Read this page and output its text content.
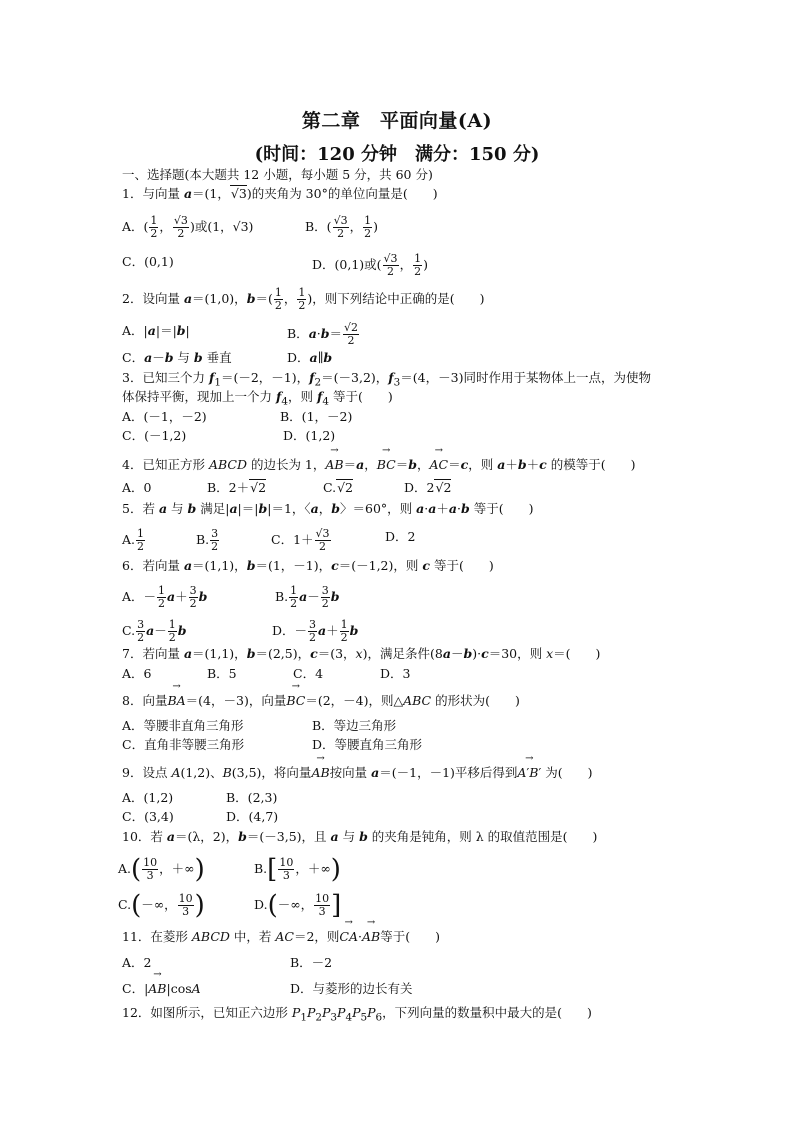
第二章　平面向量(A)
(时间：120 分钟　满分：150 分)
一、选择题(本大题共 12 小题，每小题 5 分，共 60 分)
1．与向量 a＝(1，√3)的夹角为 30°的单位向量是(　　)
A．( $\frac{1}{2}$ ， $\frac{√3}{2}$ )或(1，√3)	B．( $\frac{√3}{2}$ ， $\frac{1}{2}$ )
C．(0,1)	D．(0,1)或( $\frac{√3}{2}$ ， $\frac{1}{2}$ )
2．设向量 a＝(1,0)，$b=( \frac{1}{2}$ ， $\frac{1}{2}$ )，则下列结论中正确的是(　　)
A．|a|＝|b|	B．$a\cdot b= \frac{√2}{2}$
C．a－b 与 b 垂直	D．a∥b
3．已知三个力 $f_1=(-2$，－1)，$f_2=(-3,2)$，$f_3=(4$，－3)同时作用于某物体上一点，为使物
体保持平衡，现加上一个力 $f_4$，则 $f_4$ 等于(　　)
A．(－1，－2)	B．(1，－2)
C．(－1,2)	D．(1,2)
4．已知正方形 ABCD 的边长为 1，→ AB＝a，→ BC＝b，→ AC＝c，则 a＋b＋c 的模等于(　　)
A．0	B．2＋√2	C.√2	D．2√2
5．若 a 与 b 满足|a|＝|b|＝1，〈a，b〉＝60°，则 a·a＋a·b 等于(　　)
A. $\frac{1}{2}$	B. $\frac{3}{2}$	C．$1+ \frac{√3}{2}$	D．2
6．若向量 a＝(1,1)，b＝(1，－1)，c＝(－1,2)，则 c 等于(　　)
A．－ $\frac{1}{2} a+ \frac{3}{2}$ b	B. $\frac{1}{2} a- \frac{3}{2}$ b
C. $\frac{3}{2} a- \frac{1}{2}$ b	D．－ $\frac{3}{2} a+ \frac{1}{2}$ b
7．若向量 a＝(1,1)，b＝(2,5)，c＝(3，x)，满足条件(8a－b)·c＝30，则 x＝(　　)
A．6	B．5	C．4	D．3
8．向量→ BA＝(4，－3)，向量→ BC＝(2，－4)，则△ABC 的形状为(　　)
A．等腰非直角三角形	B．等边三角形
C．直角非等腰三角形	D．等腰直角三角形
9．设点 A(1,2)、B(3,5)，将向量→ AB按向量 a＝(－1，－1)平移后得到→ A′B′ 为(　　)
A．(1,2)	B．(2,3)
C．(3,4)	D．(4,7)
10．若 a＝(λ，2)，b＝(－3,5)，且 a 与 b 的夹角是钝角，则 λ 的取值范围是(　　)
$A.( \frac{10}{3}$ ，＋∞)	$B.[ \frac{10}{3}$ ，＋∞)
C.(－∞， $\frac{10}{3}$ )	D.(－∞， $\frac{10}{3}$ ]
11．在菱形 ABCD 中，若 AC＝2，则→ CA·→ AB等于(　　)
A．2	B．－2
C．|→ AB|cosA	D．与菱形的边长有关
12．如图所示，已知正六边形 $P_1P_2P_3P_4P_5P_6$，下列向量的数量积中最大的是(　　)
